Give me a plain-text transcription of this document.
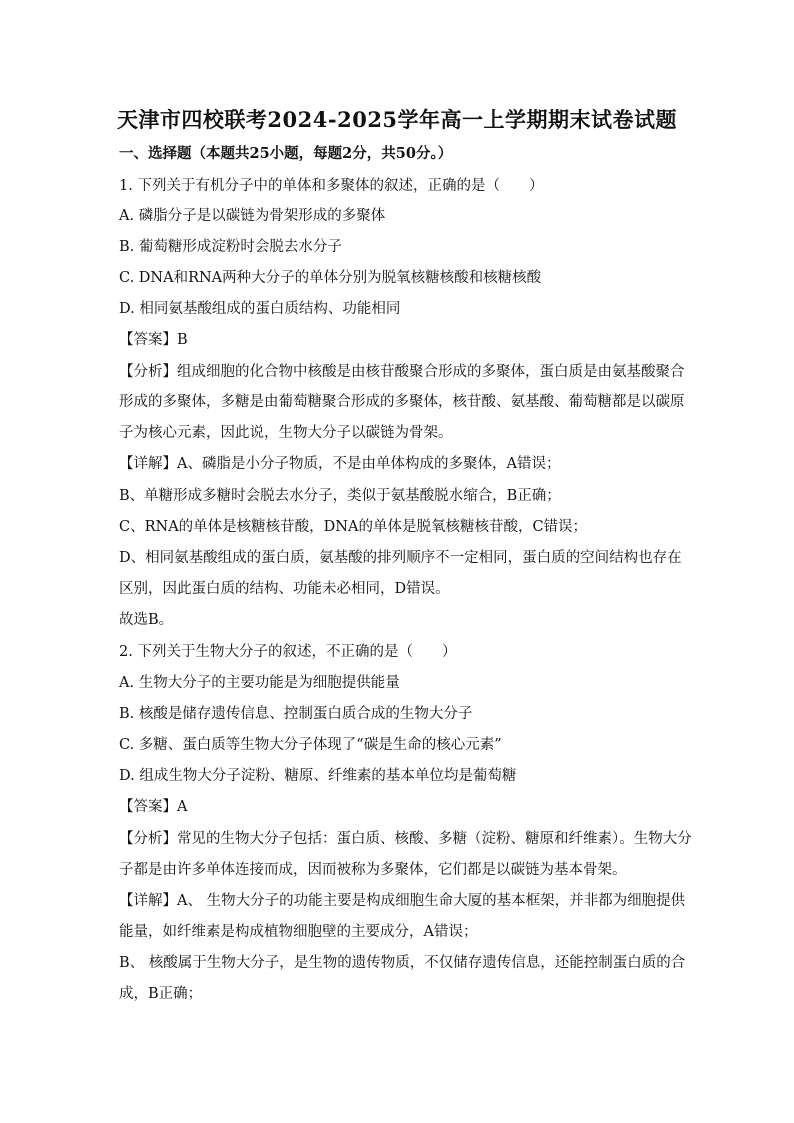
天津市四校联考2024-2025学年高一上学期期末试卷试题
一、选择题（本题共25小题，每题2分，共50分。）
1. 下列关于有机分子中的单体和多聚体的叙述，正确的是（　　）
A. 磷脂分子是以碳链为骨架形成的多聚体
B. 葡萄糖形成淀粉时会脱去水分子
C. DNA和RNA两种大分子的单体分别为脱氧核糖核酸和核糖核酸
D. 相同氨基酸组成的蛋白质结构、功能相同
【答案】B
【分析】组成细胞的化合物中核酸是由核苷酸聚合形成的多聚体，蛋白质是由氨基酸聚合
形成的多聚体，多糖是由葡萄糖聚合形成的多聚体，核苷酸、氨基酸、葡萄糖都是以碳原
子为核心元素，因此说，生物大分子以碳链为骨架。
【详解】A、磷脂是小分子物质，不是由单体构成的多聚体，A错误；
B、单糖形成多糖时会脱去水分子，类似于氨基酸脱水缩合，B正确；
C、RNA的单体是核糖核苷酸，DNA的单体是脱氧核糖核苷酸，C错误；
D、相同氨基酸组成的蛋白质，氨基酸的排列顺序不一定相同，蛋白质的空间结构也存在
区别，因此蛋白质的结构、功能未必相同，D错误。
故选B。
2. 下列关于生物大分子的叙述，不正确的是（　　）
A. 生物大分子的主要功能是为细胞提供能量
B. 核酸是储存遗传信息、控制蛋白质合成的生物大分子
C. 多糖、蛋白质等生物大分子体现了“碳是生命的核心元素”
D. 组成生物大分子淀粉、糖原、纤维素的基本单位均是葡萄糖
【答案】A
【分析】常见的生物大分子包括：蛋白质、核酸、多糖（淀粉、糖原和纤维素）。生物大分
子都是由许多单体连接而成，因而被称为多聚体，它们都是以碳链为基本骨架。
【详解】A、 生物大分子的功能主要是构成细胞生命大厦的基本框架，并非都为细胞提供
能量，如纤维素是构成植物细胞壁的主要成分，A错误；
B、 核酸属于生物大分子，是生物的遗传物质，不仅储存遗传信息，还能控制蛋白质的合
成，B正确；
